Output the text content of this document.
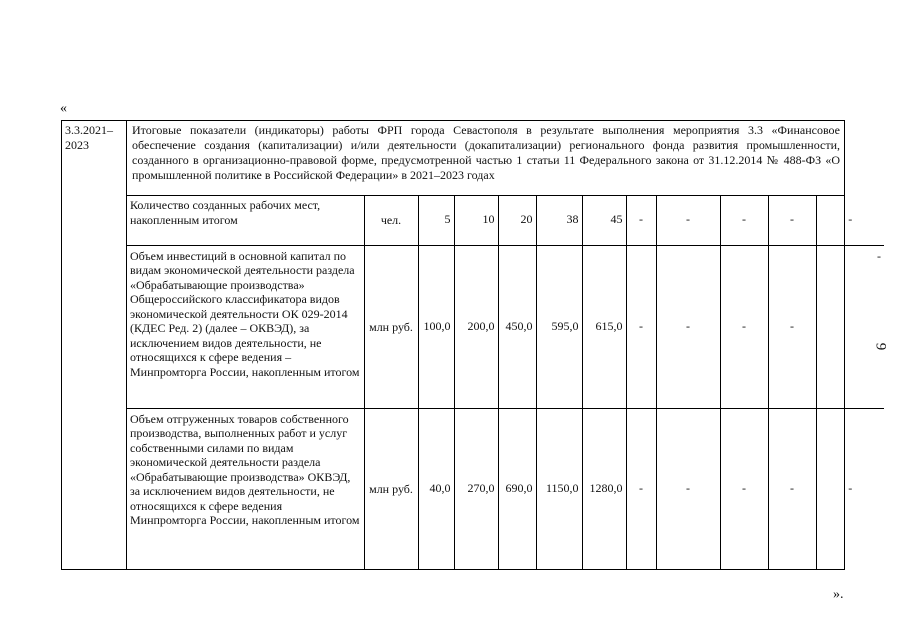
«
».
9
3.3.2021–
2023
Итоговые показатели (индикаторы) работы ФРП города Севастополя в результате выполнения мероприятия 3.3 «Финансовое обеспечение создания (капитализации) и/или деятельности (докапитализации) регионального фонда развития промышленности, созданного в организационно-правовой форме, предусмотренной частью 1 статьи 11 Федерального закона от 31.12.2014 № 488-ФЗ «О промышленной политике в Российской Федерации» в 2021–2023 годах
Количество созданных рабочих мест, накопленным итогом	чел.	5	10	20	38	45	-	-	-	-	-
Объем инвестиций в основной капитал по видам экономической деятельности раздела «Обрабатывающие производства» Общероссийского классификатора видов экономической деятельности ОК 029-2014 (КДЕС Ред. 2) (далее – ОКВЭД), за исключением видов деятельности, не относящихся к сфере ведения – Минпромторга России, накопленным итогом	млн руб.	100,0	200,0	450,0	595,0	615,0	-	-	-	-	-
Объем отгруженных товаров собственного производства, выполненных работ и услуг собственными силами по видам экономической деятельности раздела «Обрабатывающие производства» ОКВЭД, за исключением видов деятельности, не относящихся к сфере ведения Минпромторга России, накопленным итогом	млн руб.	40,0	270,0	690,0	1150,0	1280,0	-	-	-	-	-
